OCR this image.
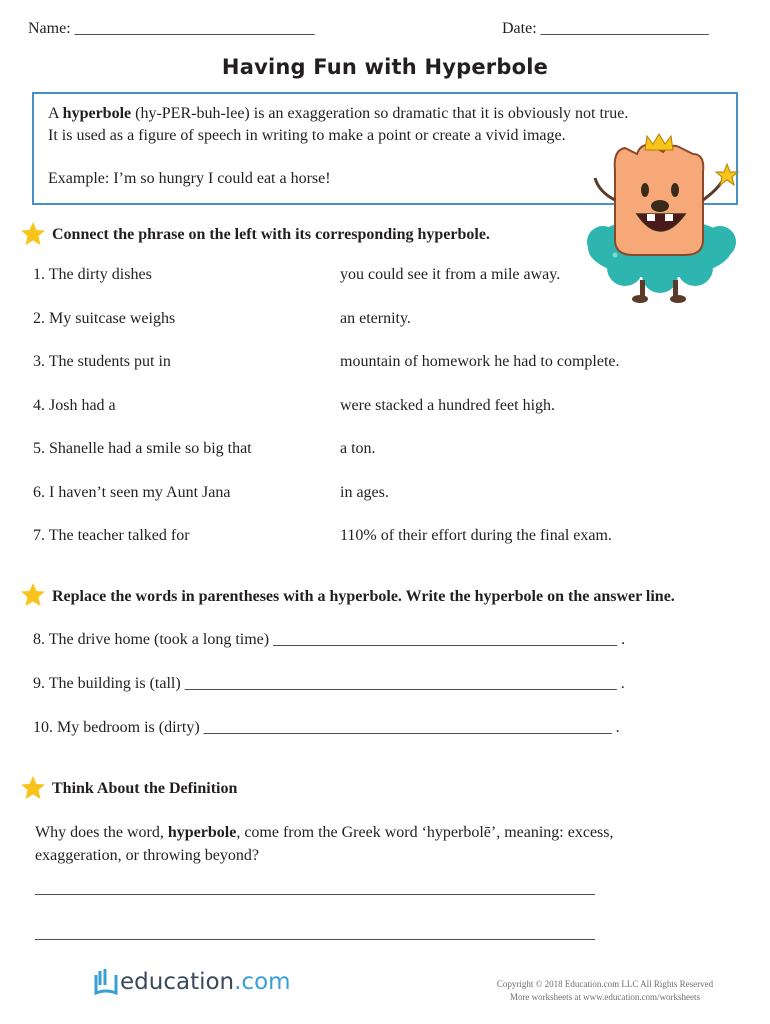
Name: ______________________________	Date: _____________________
Having Fun with Hyperbole

A hyperbole (hy-PER-buh-lee) is an exaggeration so dramatic that it is obviously not true.

It is used as a figure of speech in writing to make a point or create a vivid image.

Example: I’m so hungry I could eat a horse!

Connect the phrase on the left with its corresponding hyperbole.
1. The dirty dishes
2. My suitcase weighs
3. The students put in
4. Josh had a
5. Shanelle had a smile so big that
6. I haven’t seen my Aunt Jana
7. The teacher talked for
you could see it from a mile away.
an eternity.
mountain of homework he had to complete.
were stacked a hundred feet high.
a ton.
in ages.
110% of their effort during the final exam.
Replace the words in parentheses with a hyperbole. Write the hyperbole on the answer line.
8. The drive home (took a long time) ___________________________________________ .
9. The building is (tall) ______________________________________________________ .
10. My bedroom is (dirty) ___________________________________________________ .
Think About the Definition
Why does the word, hyperbole, come from the Greek word ‘hyperbolē’, meaning: excess,
exaggeration, or throwing beyond?
______________________________________________________________________
______________________________________________________________________
education .com	Copyright © 2018 Education.com LLC All Rights Reserved
More worksheets at www.education.com/worksheets
